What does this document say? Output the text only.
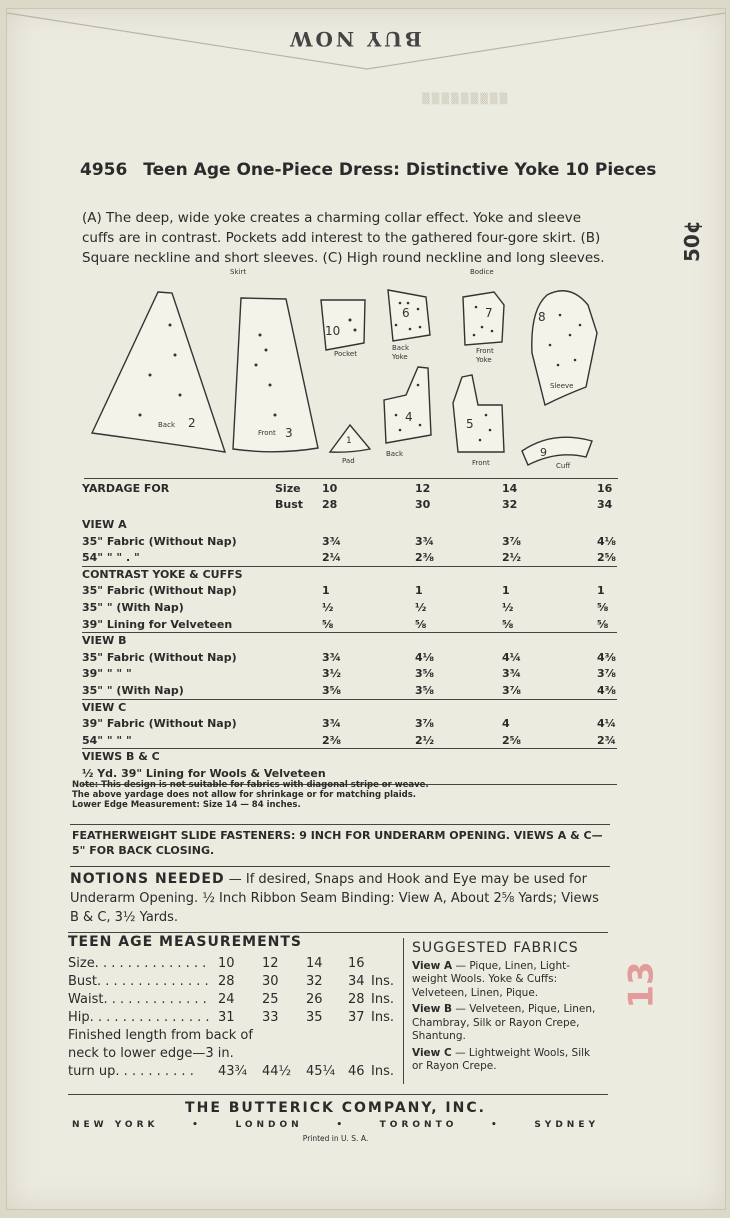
BUY NOW
▒▒▒▒▒▒▒▒▒
50¢
13
4956 Teen Age One-Piece Dress: Distinctive Yoke 10 Pieces

(A) The deep, wide yoke creates a charming collar effect. Yoke and sleeve

cuffs are in contrast. Pockets add interest to the gathered four-gore skirt. (B)

Square neckline and short sleeves. (C) High round neckline and long sleeves.

Skirt	Bodice
2
Back
3
Front
10
Pocket
1
Pad
6
Back
Yoke
4
Back
7
Front
Yoke
5
Front
8
Sleeve
9
Cuff
YARDAGE FOR	Size 10	12	14	16
Bust 28	30	32	34
VIEW A
35" Fabric (Without Nap)	3¾	3¾	3⅞	4⅛
54" " " . "	2¼	2⅜	2½	2⅝
CONTRAST YOKE & CUFFS
35" Fabric (Without Nap)	1	1	1	1
35" " (With Nap)	½	½	½	⅝
39" Lining for Velveteen	⅝	⅝	⅝	⅝
VIEW B
35" Fabric (Without Nap)	3¾	4⅛	4¼	4⅜
39" " " "	3½	3⅝	3¾	3⅞
35" " (With Nap)	3⅝	3⅝	3⅞	4⅜
VIEW C
39" Fabric (Without Nap)	3¾	3⅞	4	4¼
54" " " "	2⅜	2½	2⅝	2¾
VIEWS B & C
½ Yd. 39" Lining for Wools & Velveteen
Note: This design is not suitable for fabrics with diagonal stripe or weave.
The above yardage does not allow for shrinkage or for matching plaids.
Lower Edge Measurement: Size 14 — 84 inches.
FEATHERWEIGHT SLIDE FASTENERS: 9 INCH FOR UNDERARM OPENING. VIEWS A & C—
5" FOR BACK CLOSING.
NOTIONS NEEDED — If desired, Snaps and Hook and Eye may be used for Underarm Opening. ½ Inch Ribbon Seam Binding: View A, About 2⅝ Yards; Views B & C, 3½ Yards.
TEEN AGE MEASUREMENTS
Finished length from back of
neck to lower edge—3 in.
turn up. . . . . . . . . . 43¾ 44½ 45¼ 46 Ins.
Size. . . . . . . . . . . . . . 10 12 14 16
Bust. . . . . . . . . . . . . . 28 30 32 34 Ins.
Waist. . . . . . . . . . . . . 24 25 26 28 Ins.
Hip. . . . . . . . . . . . . . . 31 33 35 37 Ins.
SUGGESTED FABRICS

View A — Pique, Linen, Light-weight Wools. Yoke & Cuffs: Velveteen, Linen, Pique.

View B — Velveteen, Pique, Linen, Chambray, Silk or Rayon Crepe, Shantung.

View C — Lightweight Wools, Silk or Rayon Crepe.

THE BUTTERICK COMPANY, INC.
NEW YORK	•	LONDON	•	TORONTO	•	SYDNEY
Printed in U. S. A.
